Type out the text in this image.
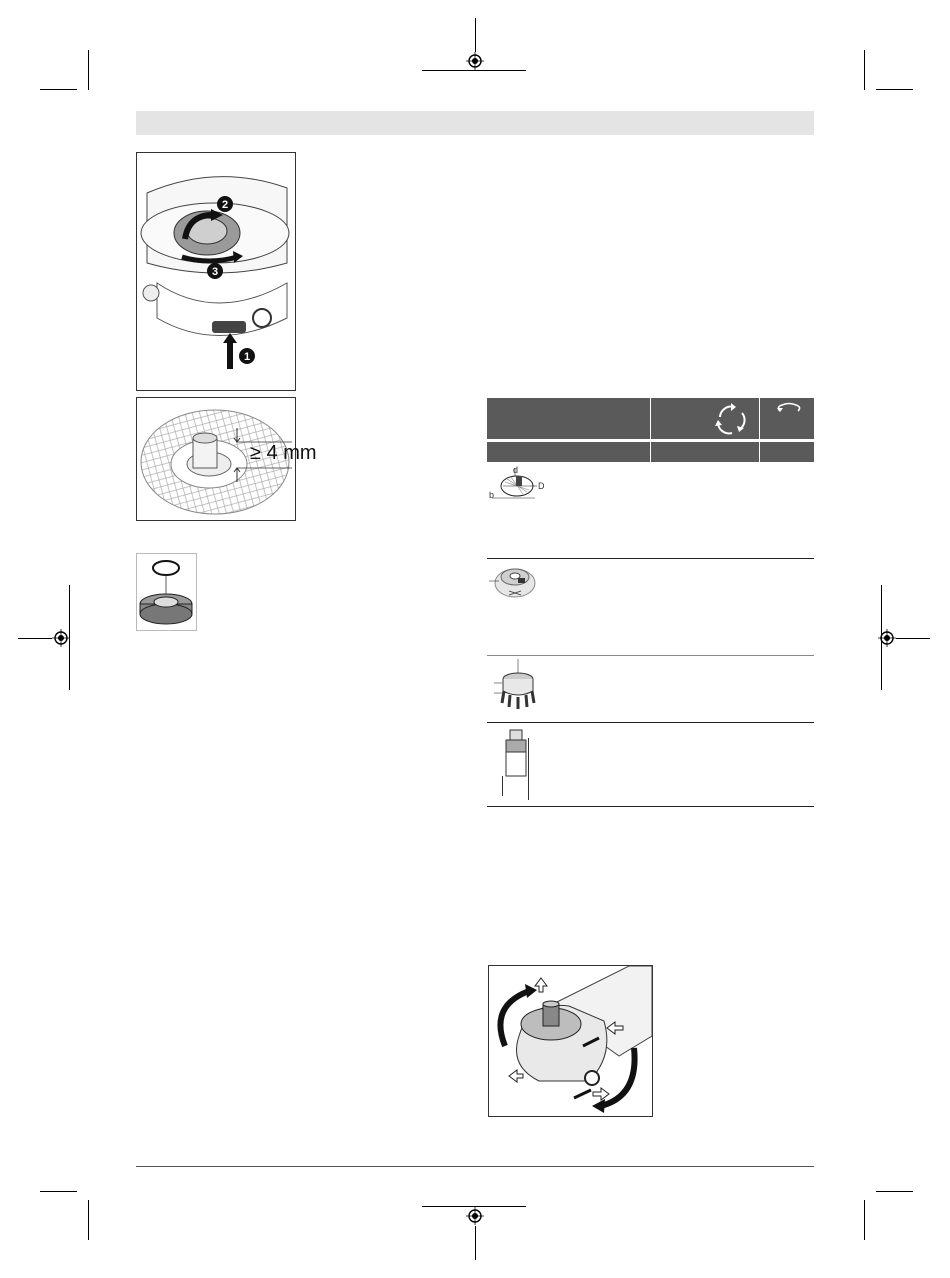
2
3
1
≥ 4 mm
d
D
b
